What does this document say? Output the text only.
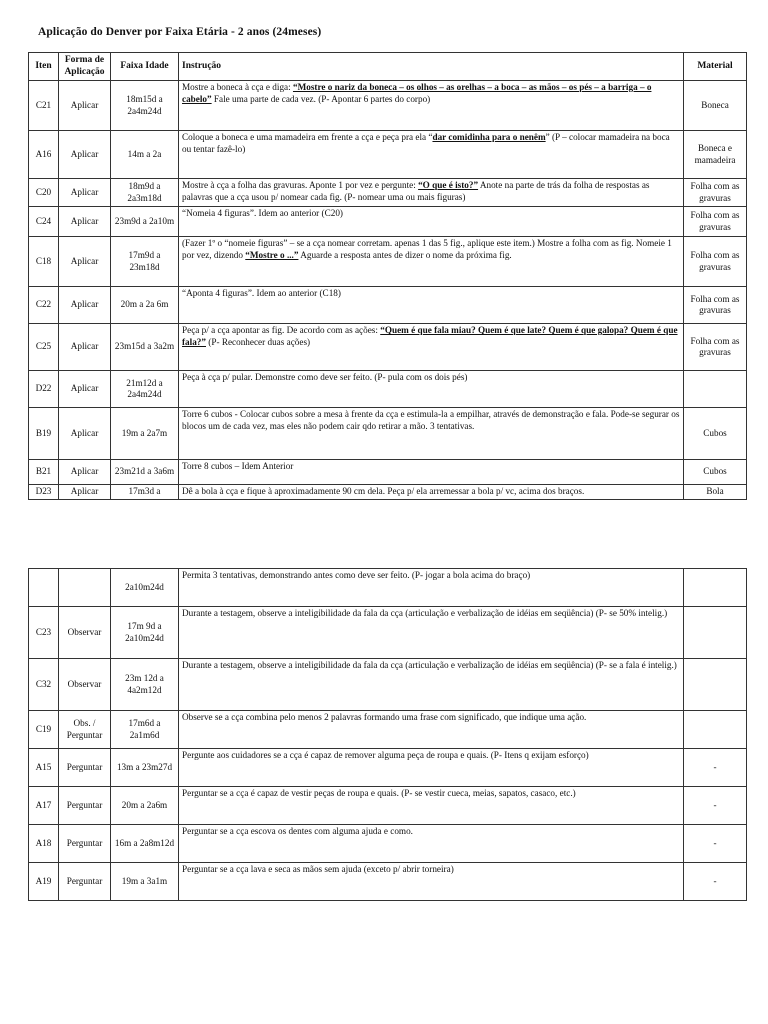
Aplicação do Denver por Faixa Etária - 2 anos (24meses)
Iten	Forma de Aplicação	Faixa Idade	Instrução	Material
C21	Aplicar	18m15d a 2a4m24d	Mostre a boneca à cça e diga: “Mostre o nariz da boneca – os olhos – as orelhas – a boca – as mãos – os pés – a barriga – o cabelo” Fale uma parte de cada vez. (P- Apontar 6 partes do corpo)	Boneca
A16	Aplicar	14m a 2a	Coloque a boneca e uma mamadeira em frente a cça e peça pra ela “dar comidinha para o nenêm” (P – colocar mamadeira na boca ou tentar fazê-lo)	Boneca e mamadeira
C20	Aplicar	18m9d a 2a3m18d	Mostre à cça a folha das gravuras. Aponte 1 por vez e pergunte: “O que é isto?” Anote na parte de trás da folha de respostas as palavras que a cça usou p/ nomear cada fig. (P- nomear uma ou mais figuras)	Folha com as gravuras
C24	Aplicar	23m9d a 2a10m	“Nomeia 4 figuras”. Idem ao anterior (C20)	Folha com as gravuras
C18	Aplicar	17m9d a 23m18d	(Fazer 1º o “nomeie figuras” – se a cça nomear corretam. apenas 1 das 5 fig., aplique este item.) Mostre a folha com as fig. Nomeie 1 por vez, dizendo “Mostre o ...” Aguarde a resposta antes de dizer o nome da próxima fig.	Folha com as gravuras
C22	Aplicar	20m a 2a 6m	“Aponta 4 figuras”. Idem ao anterior (C18)	Folha com as gravuras
C25	Aplicar	23m15d a 3a2m	Peça p/ a cça apontar as fig. De acordo com as ações: “Quem é que fala miau? Quem é que late? Quem é que galopa? Quem é que fala?” (P- Reconhecer duas ações)	Folha com as gravuras
D22	Aplicar	21m12d a 2a4m24d	Peça à cça p/ pular. Demonstre como deve ser feito. (P- pula com os dois pés)	
B19	Aplicar	19m a 2a7m	Torre 6 cubos - Colocar cubos sobre a mesa à frente da cça e estimula-la a empilhar, através de demonstração e fala. Pode-se segurar os blocos um de cada vez, mas eles não podem cair qdo retirar a mão. 3 tentativas.	Cubos
B21	Aplicar	23m21d a 3a6m	Torre 8 cubos – Idem Anterior	Cubos
D23	Aplicar	17m3d a	Dê a bola à cça e fique à aproximadamente 90 cm dela. Peça p/ ela arremessar a bola p/ vc, acima dos braços.	Bola
		2a10m24d	Permita 3 tentativas, demonstrando antes como deve ser feito. (P- jogar a bola acima do braço)	
C23	Observar	17m 9d a 2a10m24d	Durante a testagem, observe a inteligibilidade da fala da cça (articulação e verbalização de idéias em seqüência) (P- se 50% intelig.)	
C32	Observar	23m 12d a 4a2m12d	Durante a testagem, observe a inteligibilidade da fala da cça (articulação e verbalização de idéias em seqüência) (P- se a fala é intelig.)	
C19	Obs. / Perguntar	17m6d a 2a1m6d	Observe se a cça combina pelo menos 2 palavras formando uma frase com significado, que indique uma ação.	
A15	Perguntar	13m a 23m27d	Pergunte aos cuidadores se a cça é capaz de remover alguma peça de roupa e quais. (P- Itens q exijam esforço)	-
A17	Perguntar	20m a 2a6m	Perguntar se a cça é capaz de vestir peças de roupa e quais. (P- se vestir cueca, meias, sapatos, casaco, etc.)	-
A18	Perguntar	16m a 2a8m12d	Perguntar se a cça escova os dentes com alguma ajuda e como.	-
A19	Perguntar	19m a 3a1m	Perguntar se a cça lava e seca as mãos sem ajuda (exceto p/ abrir torneira)	-
